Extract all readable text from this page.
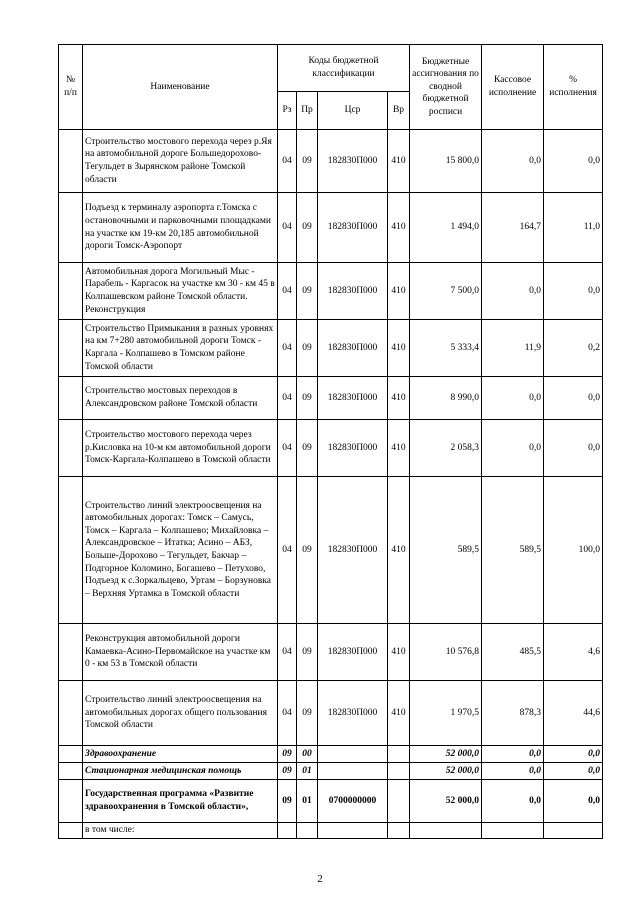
№ п/п	Наименование	Коды бюджетной классификации				Бюджетные ассигнования по сводной бюджетной росписи	Кассовое исполнение	% исполнения
		Рз	Пр	Цср	Вр			
	Строительство мостового перехода через р.Яя на автомобильной дороге Большедорохово-Тегульдет в Зырянском районе Томской области	04	09	182830П000	410	15 800,0	0,0	0,0
	Подъезд к терминалу аэропорта г.Томска с остановочными и парковочными площадками на участке км 19-км 20,185 автомобильной дороги Томск-Аэропорт	04	09	182830П000	410	1 494,0	164,7	11,0
	Автомобильная дорога Могильный Мыс - Парабель - Каргасок на участке км 30 - км 45 в Колпашевском районе Томской области. Реконструкция	04	09	182830П000	410	7 500,0	0,0	0,0
	Строительство Примыкания в разных уровнях на км 7+280 автомобильной дороги Томск - Каргала - Колпашево в Томском районе Томской области	04	09	182830П000	410	5 333,4	11,9	0,2
	Строительство мостовых переходов в Александровском районе Томской области	04	09	182830П000	410	8 990,0	0,0	0,0
	Строительство мостового перехода через р.Кисловка на 10-м км автомобильной дороги Томск-Каргала-Колпашево в Томской области	04	09	182830П000	410	2 058,3	0,0	0,0
	Строительство линий электроосвещения на автомобильных дорогах: Томск – Самусь, Томск – Каргала – Колпашево; Михайловка – Александровское – Итатка; Асино – АБЗ, Больше-Дорохово – Тегульдет, Бакчар – Подгорное Коломино, Богашево – Петухово, Подъезд к с.Зоркальцево, Уртам – Борзуновка – Верхняя Уртамка в Томской области	04	09	182830П000	410	589,5	589,5	100,0
	Реконструкция автомобильной дороги Камаевка-Асино-Первомайское на участке км 0 - км 53 в Томской области	04	09	182830П000	410	10 576,8	485,5	4,6
	Строительство линий электроосвещения на автомобильных дорогах общего пользования Томской области	04	09	182830П000	410	1 970,5	878,3	44,6
	Здравоохранение	09	00			52 000,0	0,0	0,0
	Стационарная медицинская помощь	09	01			52 000,0	0,0	0,0
	Государственная программа «Развитие здравоохранения в Томской области»,	09	01	0700000000		52 000,0	0,0	0,0
	в том числе:							
2
